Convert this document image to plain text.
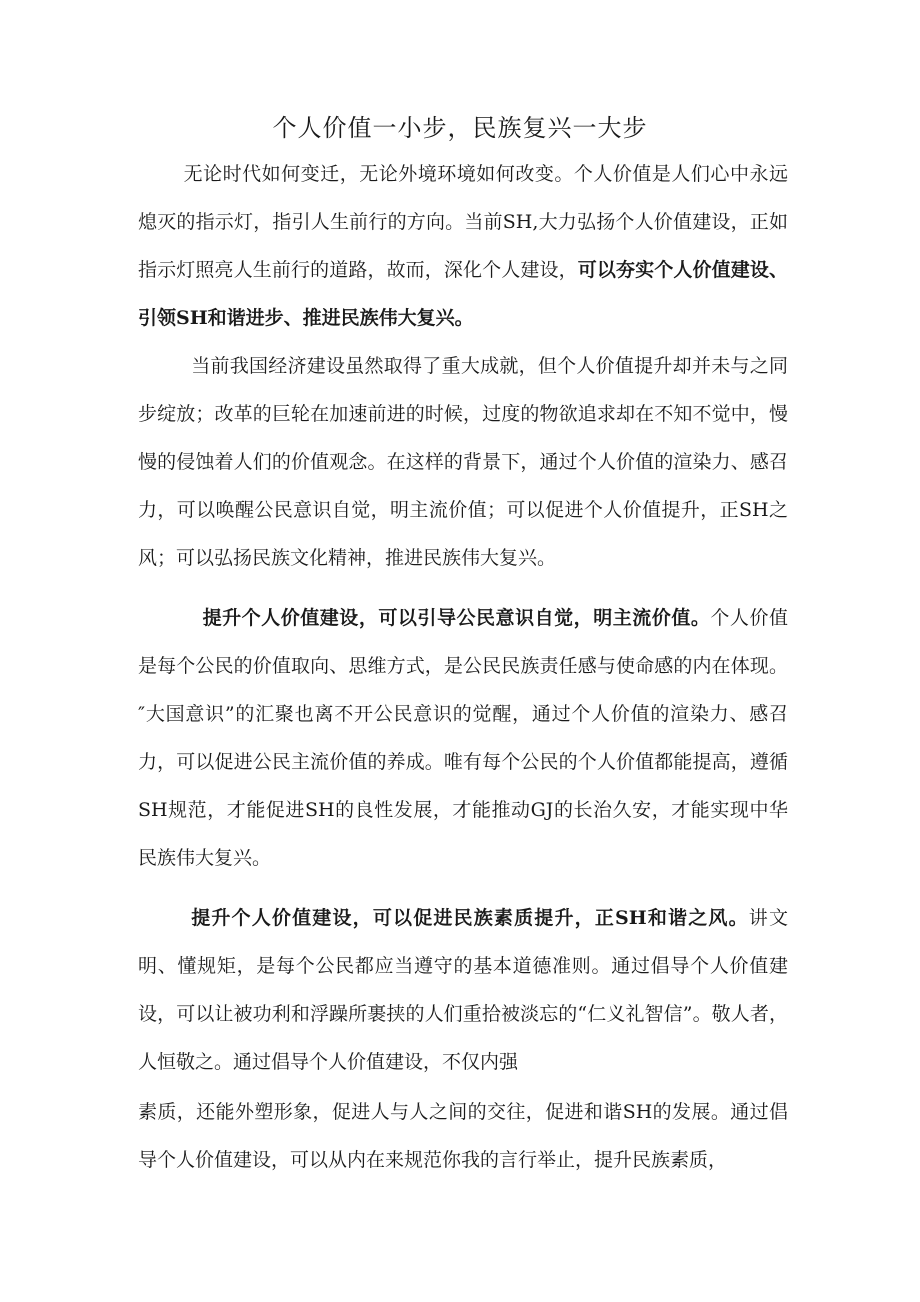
个人价值一小步，民族复兴一大步

无论时代如何变迁，无论外境环境如何改变。个人价值是人们心中永远熄灭的指示灯，指引人生前行的方向。当前SH,大力弘扬个人价值建设，正如指示灯照亮人生前行的道路，故而，深化个人建设，可以夯实个人价值建设、引领SH和谐进步、推进民族伟大复兴。

当前我国经济建设虽然取得了重大成就，但个人价值提升却并未与之同步绽放；改革的巨轮在加速前进的时候，过度的物欲追求却在不知不觉中，慢慢的侵蚀着人们的价值观念。在这样的背景下，通过个人价值的渲染力、感召力，可以唤醒公民意识自觉，明主流价值；可以促进个人价值提升，正SH之风；可以弘扬民族文化精神，推进民族伟大复兴。

提升个人价值建设，可以引导公民意识自觉，明主流价值。个人价值是每个公民的价值取向、思维方式，是公民民族责任感与使命感的内在体现。″大国意识”的汇聚也离不开公民意识的觉醒，通过个人价值的渲染力、感召力，可以促进公民主流价值的养成。唯有每个公民的个人价值都能提高，遵循SH规范，才能促进SH的良性发展，才能推动GJ的长治久安，才能实现中华民族伟大复兴。

提升个人价值建设，可以促进民族素质提升，正SH和谐之风。讲文明、懂规矩，是每个公民都应当遵守的基本道德准则。通过倡导个人价值建设，可以让被功利和浮躁所裹挟的人们重拾被淡忘的“仁义礼智信”。敬人者，人恒敬之。通过倡导个人价值建设，不仅内强

素质，还能外塑形象，促进人与人之间的交往，促进和谐SH的发展。通过倡导个人价值建设，可以从内在来规范你我的言行举止，提升民族素质，
